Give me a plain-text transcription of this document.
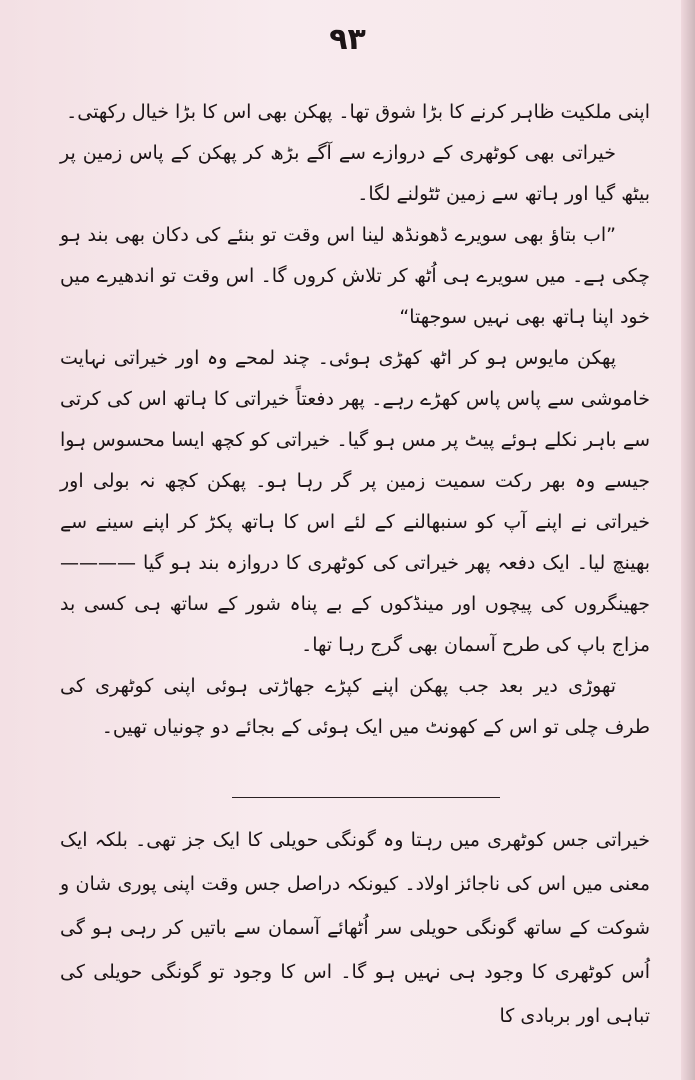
۹۳

اپنی ملکیت ظاہر کرنے کا بڑا شوق تھا۔ پھکن بھی اس کا بڑا خیال رکھتی۔

خیراتی بھی کوٹھری کے دروازے سے آگے بڑھ کر پھکن کے پاس زمین پر بیٹھ گیا اور ہاتھ سے زمین ٹٹولنے لگا۔

”اب بتاؤ بھی سویرے ڈھونڈھ لینا اس وقت تو بنئے کی دکان بھی بند ہو چکی ہے۔ میں سویرے ہی اُٹھ کر تلاش کروں گا۔ اس وقت تو اندھیرے میں خود اپنا ہاتھ بھی نہیں سوجھتا“

پھکن مایوس ہو کر اٹھ کھڑی ہوئی۔ چند لمحے وہ اور خیراتی نہایت خاموشی سے پاس پاس کھڑے رہے۔ پھر دفعتاً خیراتی کا ہاتھ اس کی کرتی سے باہر نکلے ہوئے پیٹ پر مس ہو گیا۔ خیراتی کو کچھ ایسا محسوس ہوا جیسے وہ بھر رکت سمیت زمین پر گر رہا ہو۔ پھکن کچھ نہ بولی اور خیراتی نے اپنے آپ کو سنبھالنے کے لئے اس کا ہاتھ پکڑ کر اپنے سینے سے بھینچ لیا۔ ایک دفعہ پھر خیراتی کی کوٹھری کا دروازہ بند ہو گیا ———— جھینگروں کی پیچوں اور مینڈکوں کے بے پناہ شور کے ساتھ ہی کسی بد مزاج باپ کی طرح آسمان بھی گرج رہا تھا۔

تھوڑی دیر بعد جب پھکن اپنے کپڑے جھاڑتی ہوئی اپنی کوٹھری کی طرف چلی تو اس کے کھونٹ میں ایک ہوئی کے بجائے دو چونیاں تھیں۔

خیراتی جس کوٹھری میں رہتا وہ گونگی حویلی کا ایک جز تھی۔ بلکہ ایک معنی میں اس کی ناجائز اولاد۔ کیونکہ دراصل جس وقت اپنی پوری شان و شوکت کے ساتھ گونگی حویلی سر اُٹھائے آسمان سے باتیں کر رہی ہو گی اُس کوٹھری کا وجود ہی نہیں ہو گا۔ اس کا وجود تو گونگی حویلی کی تباہی اور بربادی کا
